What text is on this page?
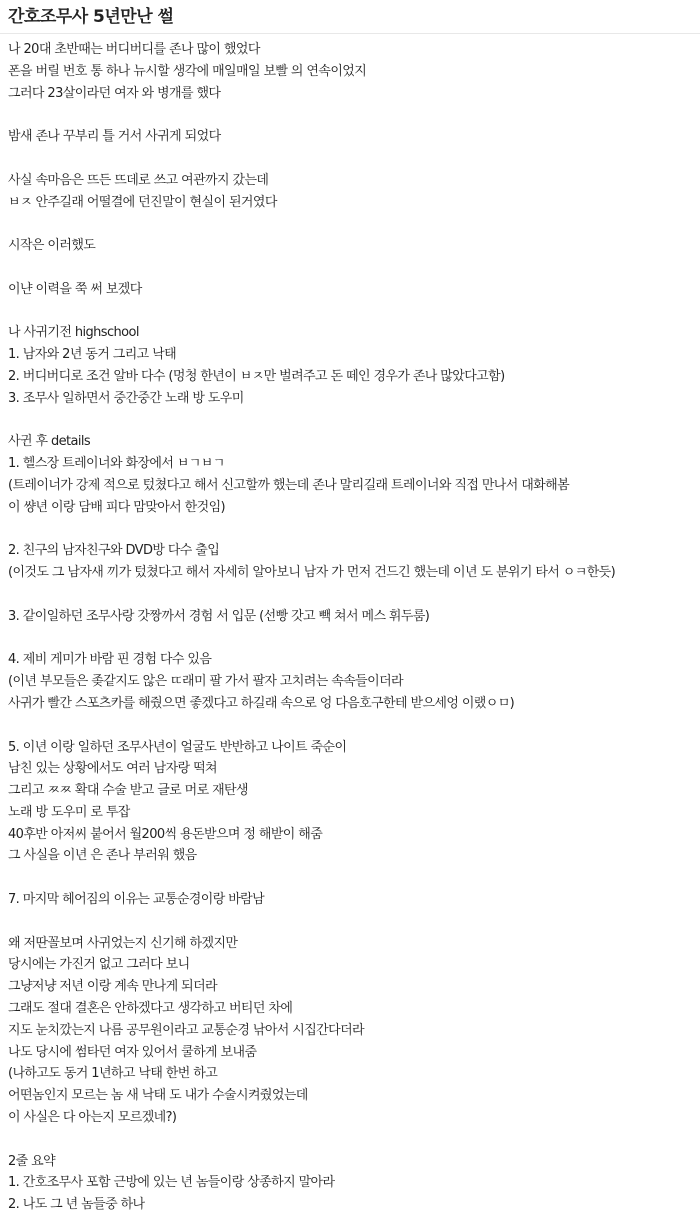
간호조무사 5년만난 썰
나 20대 초반때는 버디버디를 존나 많이 했었다
폰을 버릴 번호 통 하나 뉴시할 생각에 매일매일 보빨 의 연속이었지
그러다 23살이라던 여자 와 병개를 했다
밤새 존나 꾸부리 틀 거서 사귀게 되었다
사실 속마음은 뜨든 뜨데로 쓰고 여관까지 갔는데
ㅂㅈ 안주길래 어떨결에 던진말이 현실이 된거였다
시작은 이러했도
이냔 이력을 쭉 써 보겠다
나 사귀기전 highschool
1. 남자와 2년 동거 그리고 낙태
2. 버디버디로 조건 알바 다수 (멍청 한년이 ㅂㅈ만 벌려주고 돈 떼인 경우가 존나 많았다고함)
3. 조무사 일하면서 중간중간 노래 방 도우미
사귄 후 details
1. 헬스장 트레이너와 화장에서 ㅂㄱㅂㄱ
(트레이너가 강제 적으로 텄쳤다고 해서 신고할까 했는데 존나 말리길래 트레이너와 직접 만나서 대화해봄
이 썅년 이랑 담배 피다 맘맞아서 한것임)
2. 친구의 남자친구와 DVD방 다수 출입
(이것도 그 남자새 끼가 텄쳤다고 해서 자세히 알아보니 남자 가 먼저 건드긴 했는데 이년 도 분위기 타서 ㅇㅋ한듯)
3. 같이일하던 조무사랑 갓짱까서 경험 서 입문 (선빵 갓고 빽 쳐서 메스 휘두룸)
4. 제비 게미가 바람 핀 경험 다수 있음
(이년 부모들은 좆같지도 않은 ㄸ래미 팔 가서 팔자 고치려는 속속들이더라
사귀가 빨간 스포츠카를 해줬으면 좋겠다고 하길래 속으로 엉 다음호구한테 받으세엉 이랬ㅇㅁ)
5. 이년 이랑 일하던 조무사년이 얼굴도 반반하고 나이트 죽순이
남친 있는 상황에서도 여러 남자랑 떡쳐
그리고 ㅉㅉ 확대 수술 받고 글로 머로 재탄생
노래 방 도우미 로 투잡
40후반 아저씨 붙어서 월200씩 용돈받으며 정 해받이 해줌
그 사실을 이년 은 존나 부러워 했음
7. 마지막 헤어짐의 이유는 교통순경이랑 바람남
왜 저딴꼴보며 사귀었는지 신기해 하겠지만
당시에는 가진거 없고 그러다 보니
그냥저냥 저년 이랑 계속 만나게 되더라
그래도 절대 결혼은 안하겠다고 생각하고 버티던 차에
지도 눈치깠는지 나름 공무원이라고 교통순경 낚아서 시집간다더라
나도 당시에 썸타던 여자 있어서 쿨하게 보내줌
(나하고도 동거 1년하고 낙태 한번 하고
어떤놈인지 모르는 놈 새 낙태 도 내가 수술시켜줬었는데
이 사실은 다 아는지 모르겠네?)
2줄 요약
1. 간호조무사 포함 근방에 있는 년 놈들이랑 상종하지 말아라
2. 나도 그 년 놈들중 하나
